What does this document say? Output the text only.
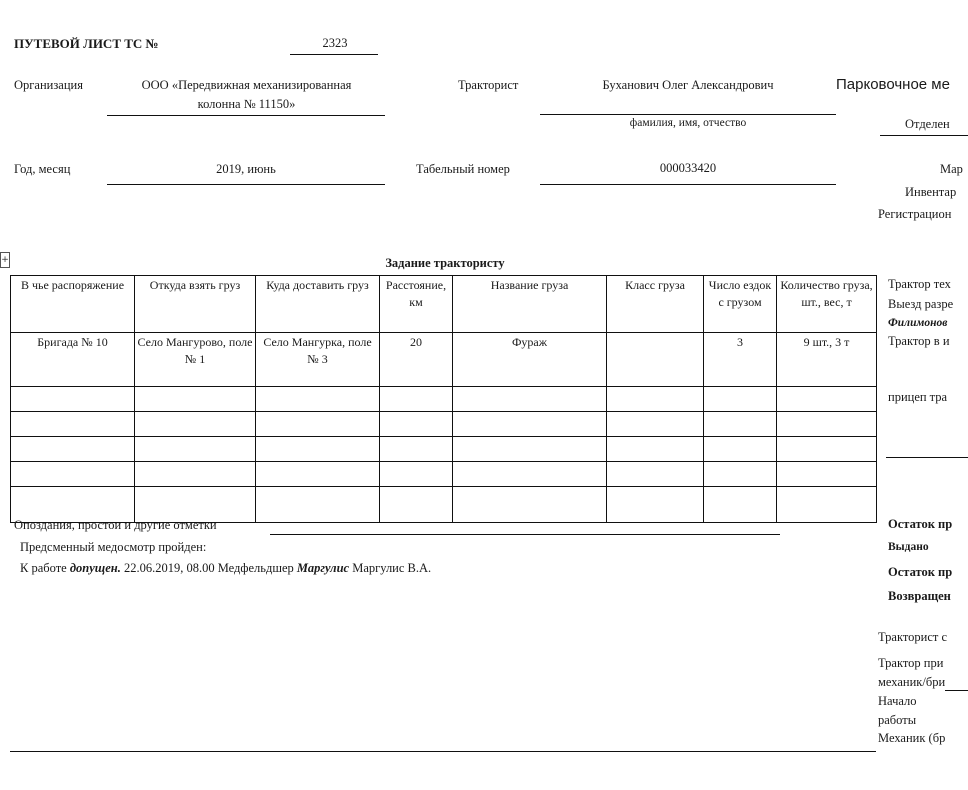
ПУТЕВОЙ ЛИСТ ТС №	2323
Организация	ООО «Передвижная механизированная
колонна № 11150»
Тракторист	Буханович Олег Александрович
фамилия, имя, отчество
Парковочное ме
Отделен
Мар
Инвентар
Регистрацион
Год, месяц	2019, июнь	Табельный номер	000033420
+	Задание трактористу
В чье распоряжение	Откуда взять груз	Куда доставить груз	Расстояние, км	Название груза	Класс груза	Число ездок с грузом	Количество груза, шт., вес, т
Бригада № 10	Село Мангурово, поле № 1	Село Мангурка, поле № 3	20	Фураж		3	9 шт., 3 т

Трактор тех
Выезд разре
Филимонов
Трактор в и
прицеп тра
Остаток пр
Выдано
Остаток пр
Возвращен
Тракторист с
Трактор при
механик/бри
Начало
работы
Механик (бр
Опоздания, простои и другие отметки
Предсменный медосмотр пройден:
К работе допущен. 22.06.2019, 08.00 Медфельдшер Маргулис Маргулис В.А.
